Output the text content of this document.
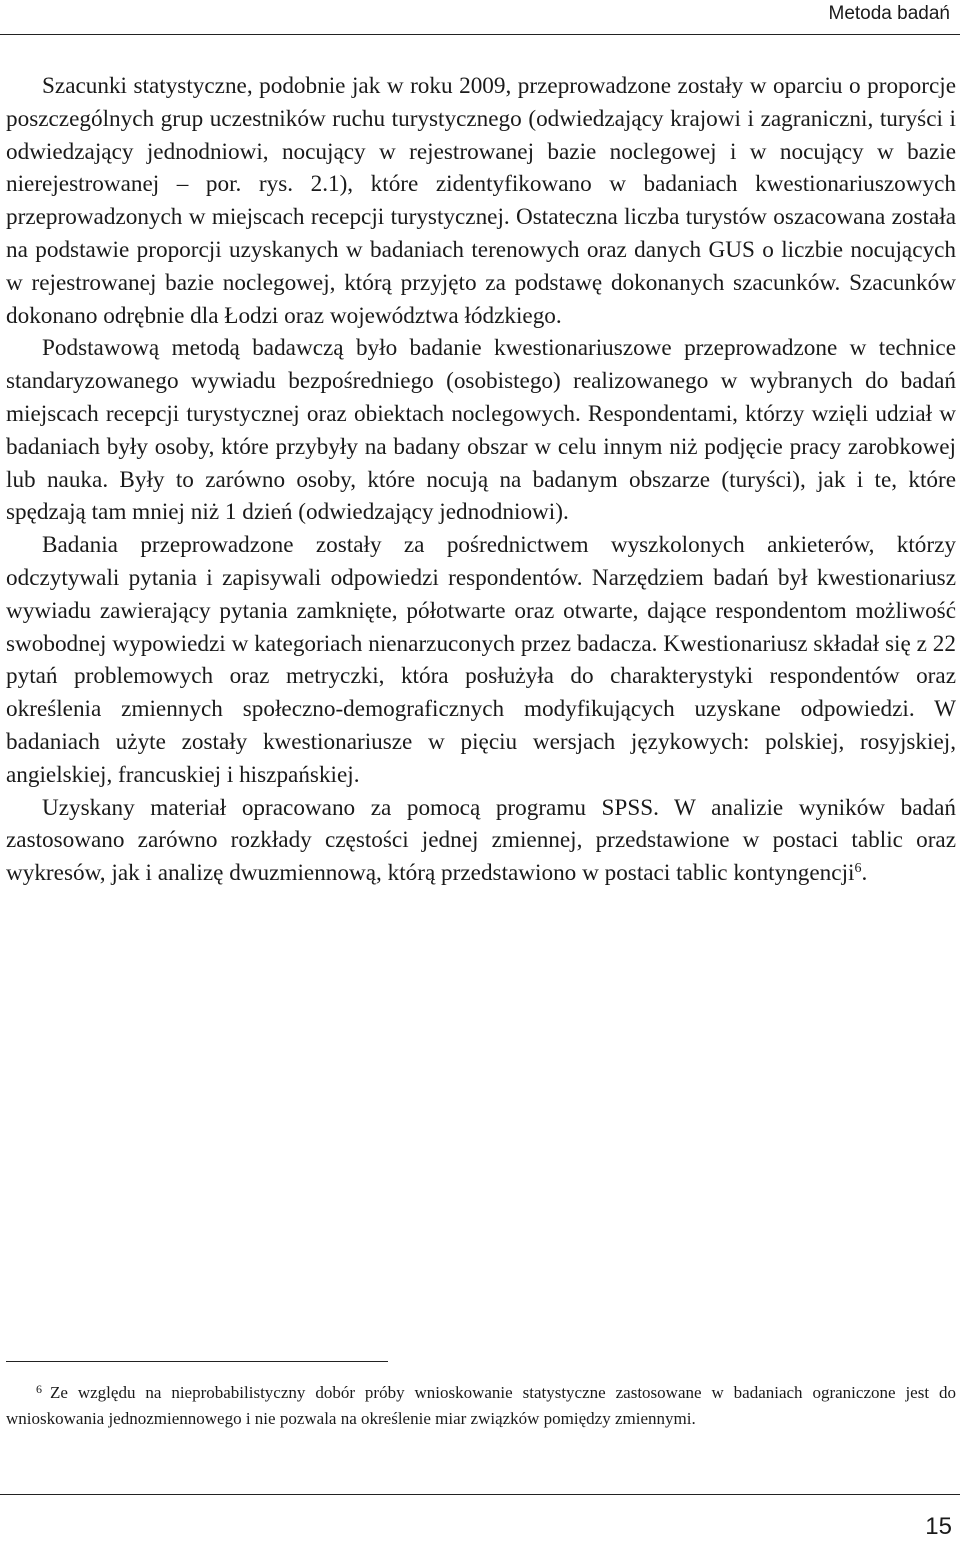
Metoda badań

Szacunki statystyczne, podobnie jak w roku 2009, przeprowadzone zostały w oparciu o proporcje poszczególnych grup uczestników ruchu turystycznego (odwiedzający krajowi i zagraniczni, turyści i odwiedzający jednodniowi, nocujący w rejestrowanej bazie noclegowej i w nocujący w bazie nierejestrowanej – por. rys. 2.1), które zidentyfikowano w badaniach kwestionariuszowych przeprowadzonych w miejscach recepcji turystycznej. Ostateczna liczba turystów oszacowana została na podstawie proporcji uzyskanych w badaniach terenowych oraz danych GUS o liczbie nocujących w rejestrowanej bazie noclegowej, którą przyjęto za podstawę dokonanych szacunków. Szacunków dokonano odrębnie dla Łodzi oraz województwa łódzkiego.

Podstawową metodą badawczą było badanie kwestionariuszowe przeprowadzone w technice standaryzowanego wywiadu bezpośredniego (osobistego) realizowanego w wybranych do badań miejscach recepcji turystycznej oraz obiektach noclegowych. Respondentami, którzy wzięli udział w badaniach były osoby, które przybyły na badany obszar w celu innym niż podjęcie pracy zarobkowej lub nauka. Były to zarówno osoby, które nocują na badanym obszarze (turyści), jak i te, które spędzają tam mniej niż 1 dzień (odwiedzający jednodniowi).

Badania przeprowadzone zostały za pośrednictwem wyszkolonych ankieterów, którzy odczytywali pytania i zapisywali odpowiedzi respondentów. Narzędziem badań był kwestionariusz wywiadu zawierający pytania zamknięte, półotwarte oraz otwarte, dające respondentom możliwość swobodnej wypowiedzi w kategoriach nienarzuconych przez badacza. Kwestionariusz składał się z 22 pytań problemowych oraz metryczki, która posłużyła do charakterystyki respondentów oraz określenia zmiennych społeczno-demograficznych modyfikujących uzyskane odpowiedzi. W badaniach użyte zostały kwestionariusze w pięciu wersjach językowych: polskiej, rosyjskiej, angielskiej, francuskiej i hiszpańskiej.

Uzyskany materiał opracowano za pomocą programu SPSS. W analizie wyników badań zastosowano zarówno rozkłady częstości jednej zmiennej, przedstawione w postaci tablic oraz wykresów, jak i analizę dwuzmiennową, którą przedstawiono w postaci tablic kontyngencji$^6$.

$^6$ Ze względu na nieprobabilistyczny dobór próby wnioskowanie statystyczne zastosowane w badaniach ograniczone jest do wnioskowania jednozmiennowego i nie pozwala na określenie miar związków pomiędzy zmiennymi.

15
